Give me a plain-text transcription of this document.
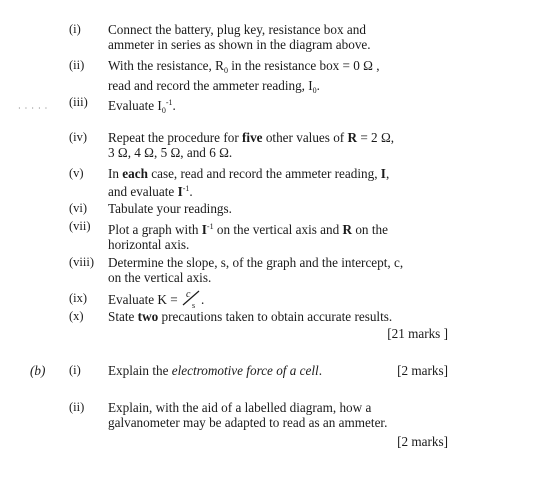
· · · · ·
(i) Connect the battery, plug key, resistance box and
ammeter in series as shown in the diagram above.
(ii) With the resistance, $R_0$ in the resistance box = 0 Ω ,
read and record the ammeter reading, $I_0$.
(iii) Evaluate $I_0^{-1}$.
(iv) Repeat the procedure for five other values of R = 2 Ω,
3 Ω, 4 Ω, 5 Ω, and 6 Ω.
(v) In each case, read and record the ammeter reading, I,
and evaluate $I^{-1}$.
(vi) Tabulate your readings.
(vii) Plot a graph with $I^{-1}$ on the vertical axis and R on the
horizontal axis.
(viii) Determine the slope, s, of the graph and the intercept, c,
on the vertical axis.
(ix) Evaluate K = c
s .
(x) State two precautions taken to obtain accurate results.
[21 marks ]
(b) (i) Explain the electromotive force of a cell.	[2 marks]
(ii) Explain, with the aid of a labelled diagram, how a
galvanometer may be adapted to read as an ammeter.
[2 marks]
